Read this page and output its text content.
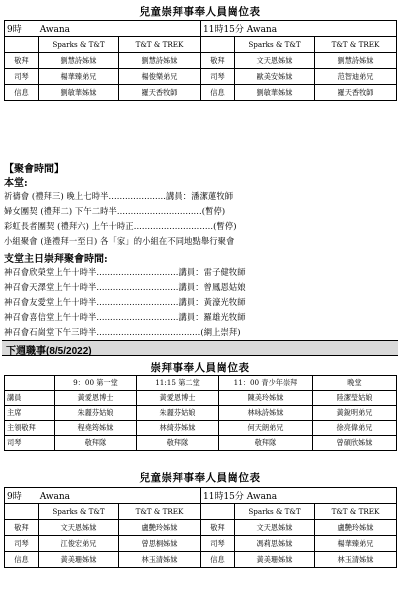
兒童崇拜事奉人員崗位表
9時　　Awana			11時15分 Awana		
	Sparks & T&T	T&T & TREK		Sparks & T&T	T&T & TREK
敬拜	劉慧詩姊妹	劉慧詩姊妹	敬拜	文天恩姊妹	劉慧詩姊妹
司琴	楊華臻弟兄	楊俊樂弟兄	司琴	歐美安姊妹	范智迪弟兄
信息	劉敏華姊妹	羅天香牧師	信息	劉敏華姊妹	羅天香牧師
【聚會時間】
本堂:
祈禱會 (禮拜三) 晚上七時半.....................講員：潘潔蓮牧師
婦女團契 (禮拜二) 下午二時半...............................(暫停)
彩虹長者團契 (禮拜六) 上午十時正.............................(暫停)
小組聚會 (逢禮拜一至日) 各「家」的小組在不同地點舉行聚會
支堂主日崇拜聚會時間:
神召會欣榮堂上午十時半..............................講員：雷子健牧師
神召會天澤堂上午十時半..............................講員：曾鳳恩姑娘
神召會友愛堂上午十時半..............................講員：黃濠光牧師
神召會喜信堂上午十時半..............................講員：羅雄光牧師
神召會石崗堂下午三時半......................................(網上崇拜)
下週職事(8/5/2022)
崇拜事奉人員崗位表
	9：00 第一堂	11:15 第二堂	11：00 青少年崇拜	晚堂
講員	黃愛恩博士	黃愛恩博士	陳美玲姊妹	陸潔瑩姑娘
主席	朱麗芬姑娘	朱麗芬姑娘	林咏詩姊妹	黃銳明弟兄
主領敬拜	程堯筠姊妹	林綺芬姊妹	何天朗弟兄	徐亮偉弟兄
司琴	敬拜隊	敬拜隊	敬拜隊	曾碩欣姊妹
兒童崇拜事奉人員崗位表
9時　　Awana			11時15分 Awana		
	Sparks & T&T	T&T & TREK		Sparks & T&T	T&T & TREK
敬拜	文天恩姊妹	盧艷玲姊妹	敬拜	文天恩姊妹	盧艷玲姊妹
司琴	江俊宏弟兄	曾思桐姊妹	司琴	馮莉思姊妹	楊華臻弟兄
信息	黃美珊姊妹	林玉清姊妹	信息	黃美珊姊妹	林玉清姊妹
